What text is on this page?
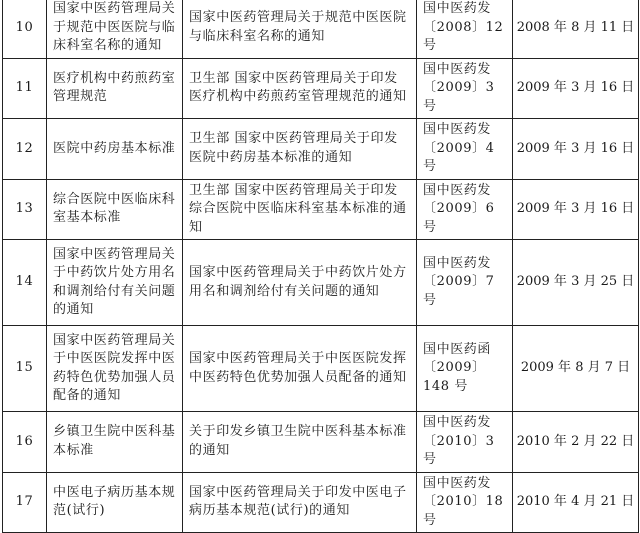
10	国家中医药管理局关于规范中医医院与临床科室名称的通知	国家中医药管理局关于规范中医医院与临床科室名称的通知	国中医药发〔2008〕12 号	2008 年 8 月 11 日
11	医疗机构中药煎药室管理规范	卫生部 国家中医药管理局关于印发医疗机构中药煎药室管理规范的通知	国中医药发〔2009〕3 号	2009 年 3 月 16 日
12	医院中药房基本标准	卫生部 国家中医药管理局关于印发医院中药房基本标准的通知	国中医药发〔2009〕4 号	2009 年 3 月 16 日
13	综合医院中医临床科室基本标准	卫生部 国家中医药管理局关于印发综合医院中医临床科室基本标准的通知	国中医药发〔2009〕6 号	2009 年 3 月 16 日
14	国家中医药管理局关于中药饮片处方用名和调剂给付有关问题的通知	国家中医药管理局关于中药饮片处方用名和调剂给付有关问题的通知	国中医药发〔2009〕7 号	2009 年 3 月 25 日
15	国家中医药管理局关于中医医院发挥中医药特色优势加强人员配备的通知	国家中医药管理局关于中医医院发挥中医药特色优势加强人员配备的通知	国中医药函〔2009〕148 号	2009 年 8 月 7 日
16	乡镇卫生院中医科基本标准	关于印发乡镇卫生院中医科基本标准的通知	国中医药发〔2010〕3 号	2010 年 2 月 22 日
17	中医电子病历基本规范(试行)	国家中医药管理局关于印发中医电子病历基本规范(试行)的通知	国中医药发〔2010〕18 号	2010 年 4 月 21 日
